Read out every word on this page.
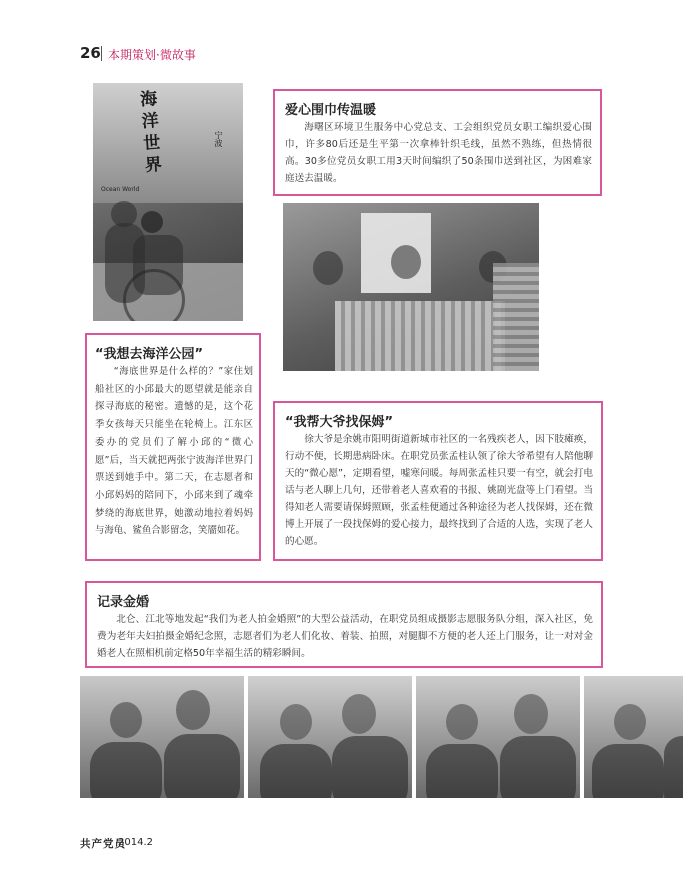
26 本期策划·微故事
海洋世界
宁波
Ocean World
爱心围巾传温暖
海曙区环境卫生服务中心党总支、工会组织党员女职工编织爱心围巾，许多80后还是生平第一次拿棒针织毛线，虽然不熟练，但热情很高。30多位党员女职工用3天时间编织了50条围巾送到社区，为困难家庭送去温暖。
“我想去海洋公园”
“海底世界是什么样的？”家住划船社区的小邱最大的愿望就是能亲自探寻海底的秘密。遗憾的是，这个花季女孩每天只能坐在轮椅上。江东区委办的党员们了解小邱的“微心愿”后，当天就把两张宁波海洋世界门票送到她手中。第二天，在志愿者和小邱妈妈的陪同下，小邱来到了魂牵梦绕的海底世界，她激动地拉着妈妈与海龟、鲨鱼合影留念，笑靥如花。
“我帮大爷找保姆”
徐大爷是余姚市阳明街道新城市社区的一名残疾老人，因下肢瘫痪，行动不便，长期患病卧床。在职党员张孟桂认领了徐大爷希望有人陪他聊天的“微心愿”，定期看望，嘘寒问暖。每周张孟桂只要一有空，就会打电话与老人聊上几句，还带着老人喜欢看的书报、姚剧光盘等上门看望。当得知老人需要请保姆照顾，张孟桂便通过各种途径为老人找保姆，还在微博上开展了一段找保姆的爱心接力，最终找到了合适的人选，实现了老人的心愿。
记录金婚
北仑、江北等地发起“我们为老人拍金婚照”的大型公益活动，在职党员组成摄影志愿服务队分组，深入社区，免费为老年夫妇拍摄金婚纪念照，志愿者们为老人们化妆、着装、拍照，对腿脚不方便的老人还上门服务，让一对对金婚老人在照相机前定格50年幸福生活的精彩瞬间。
共产党员
2014.2
